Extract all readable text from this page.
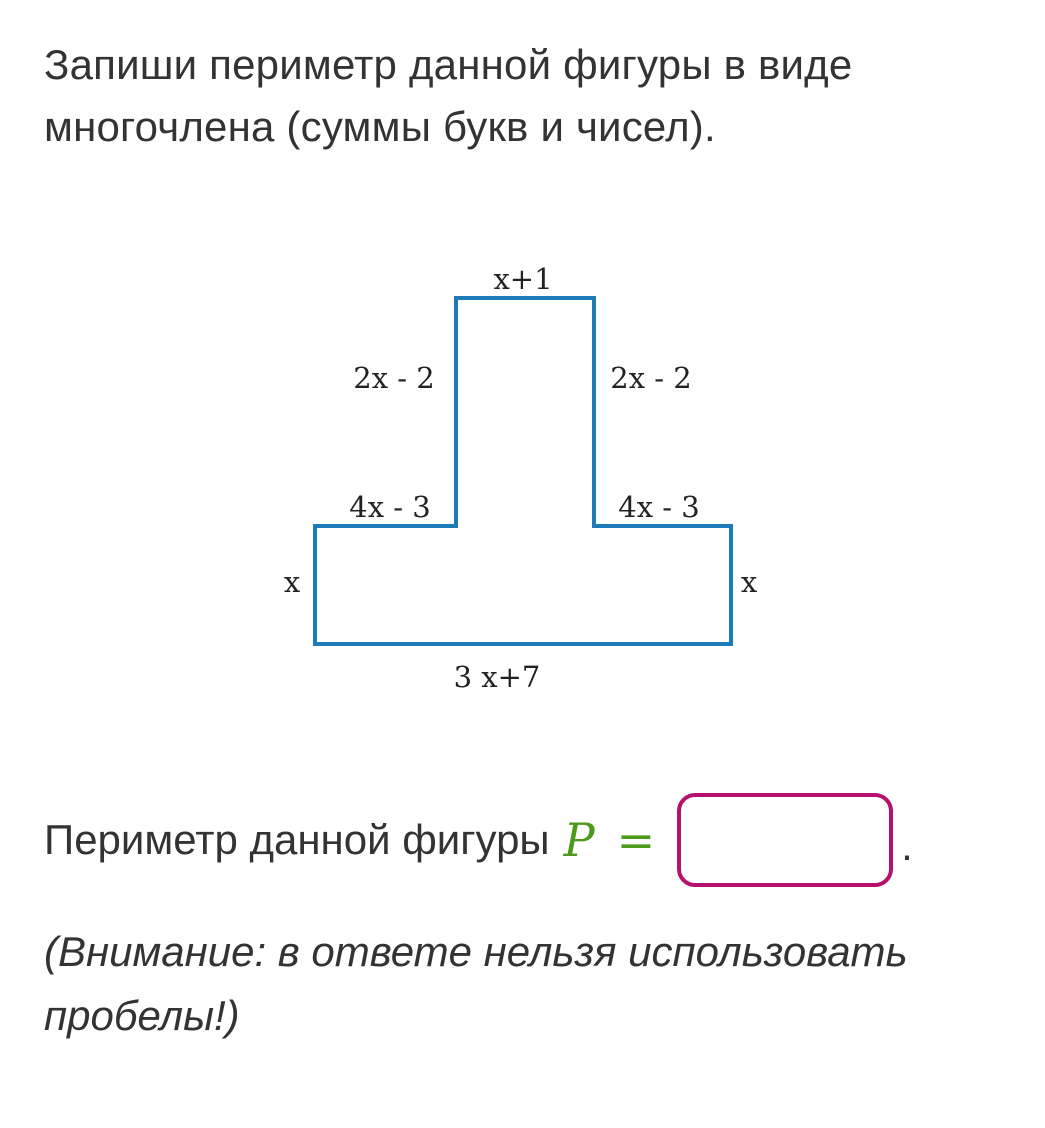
Запиши периметр данной фигуры в виде многочлена (суммы букв и чисел).
x+1
2x - 2	2x - 2
4x - 3	4x - 3
x	x
3 x+7
Периметр данной фигуры P =	.
(Внимание: в ответе нельзя использовать пробелы!)
